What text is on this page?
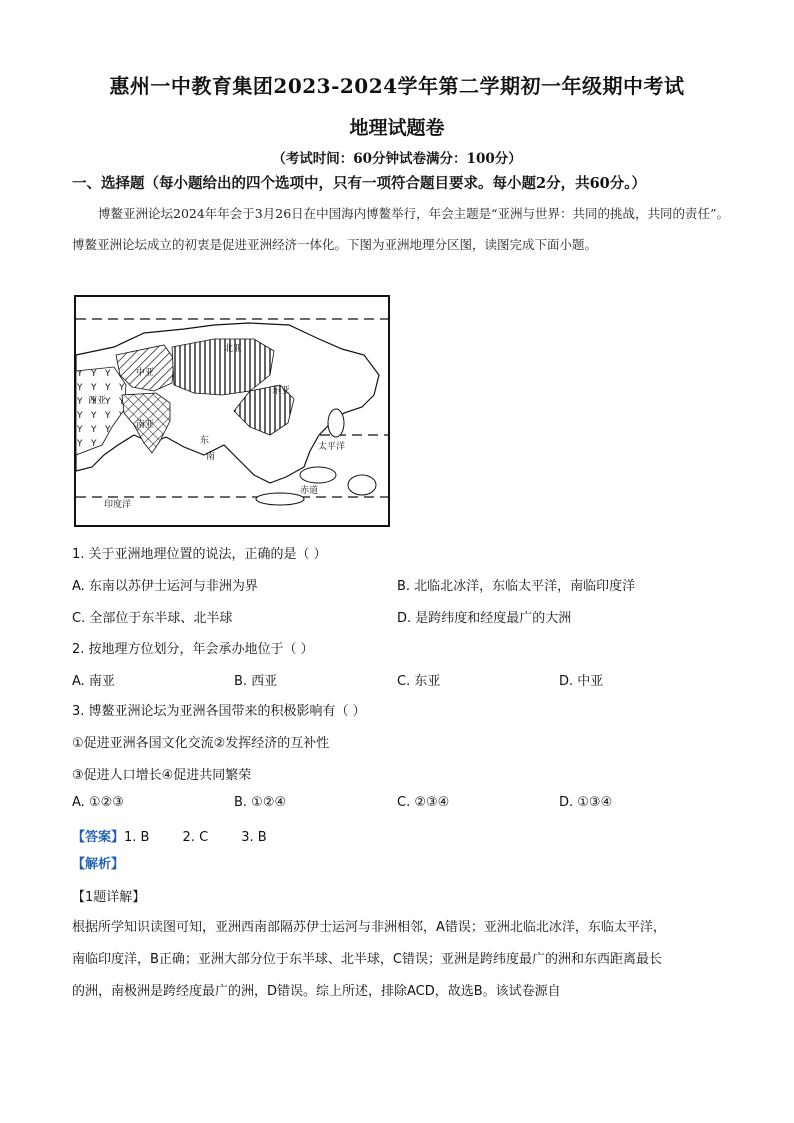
惠州一中教育集团2023-2024学年第二学期初一年级期中考试
地理试题卷
（考试时间：60分钟试卷满分：100分）
一、选择题（每小题给出的四个选项中，只有一项符合题目要求。每小题2分，共60分。）
博鳌亚洲论坛2024年年会于3月26日在中国海内博鳌举行，年会主题是“亚洲与世界：共同的挑战，共同的责任”。博鳌亚洲论坛成立的初衷是促进亚洲经济一体化。下图为亚洲地理分区图，读图完成下面小题。
北亚
中亚
东亚
西亚
南亚
东
南
太平洋
印度洋
赤道
1. 关于亚洲地理位置的说法，正确的是（ ）
A. 东南以苏伊士运河与非洲为界	B. 北临北冰洋，东临太平洋，南临印度洋
C. 全部位于东半球、北半球	D. 是跨纬度和经度最广的大洲
2. 按地理方位划分，年会承办地位于（ ）
A. 南亚	B. 西亚	C. 东亚	D. 中亚
3. 博鳌亚洲论坛为亚洲各国带来的积极影响有（ ）
①促进亚洲各国文化交流②发挥经济的互补性
③促进人口增长④促进共同繁荣
A. ①②③	B. ①②④	C. ②③④	D. ①③④
【答案】1. B        2. C        3. B
【解析】
【1题详解】
根据所学知识读图可知，亚洲西南部隔苏伊士运河与非洲相邻，A错误；亚洲北临北冰洋，东临太平洋，
南临印度洋，B正确；亚洲大部分位于东半球、北半球，C错误；亚洲是跨纬度最广的洲和东西距离最长
的洲，南极洲是跨经度最广的洲，D错误。综上所述，排除ACD，故选B。该试卷源自
